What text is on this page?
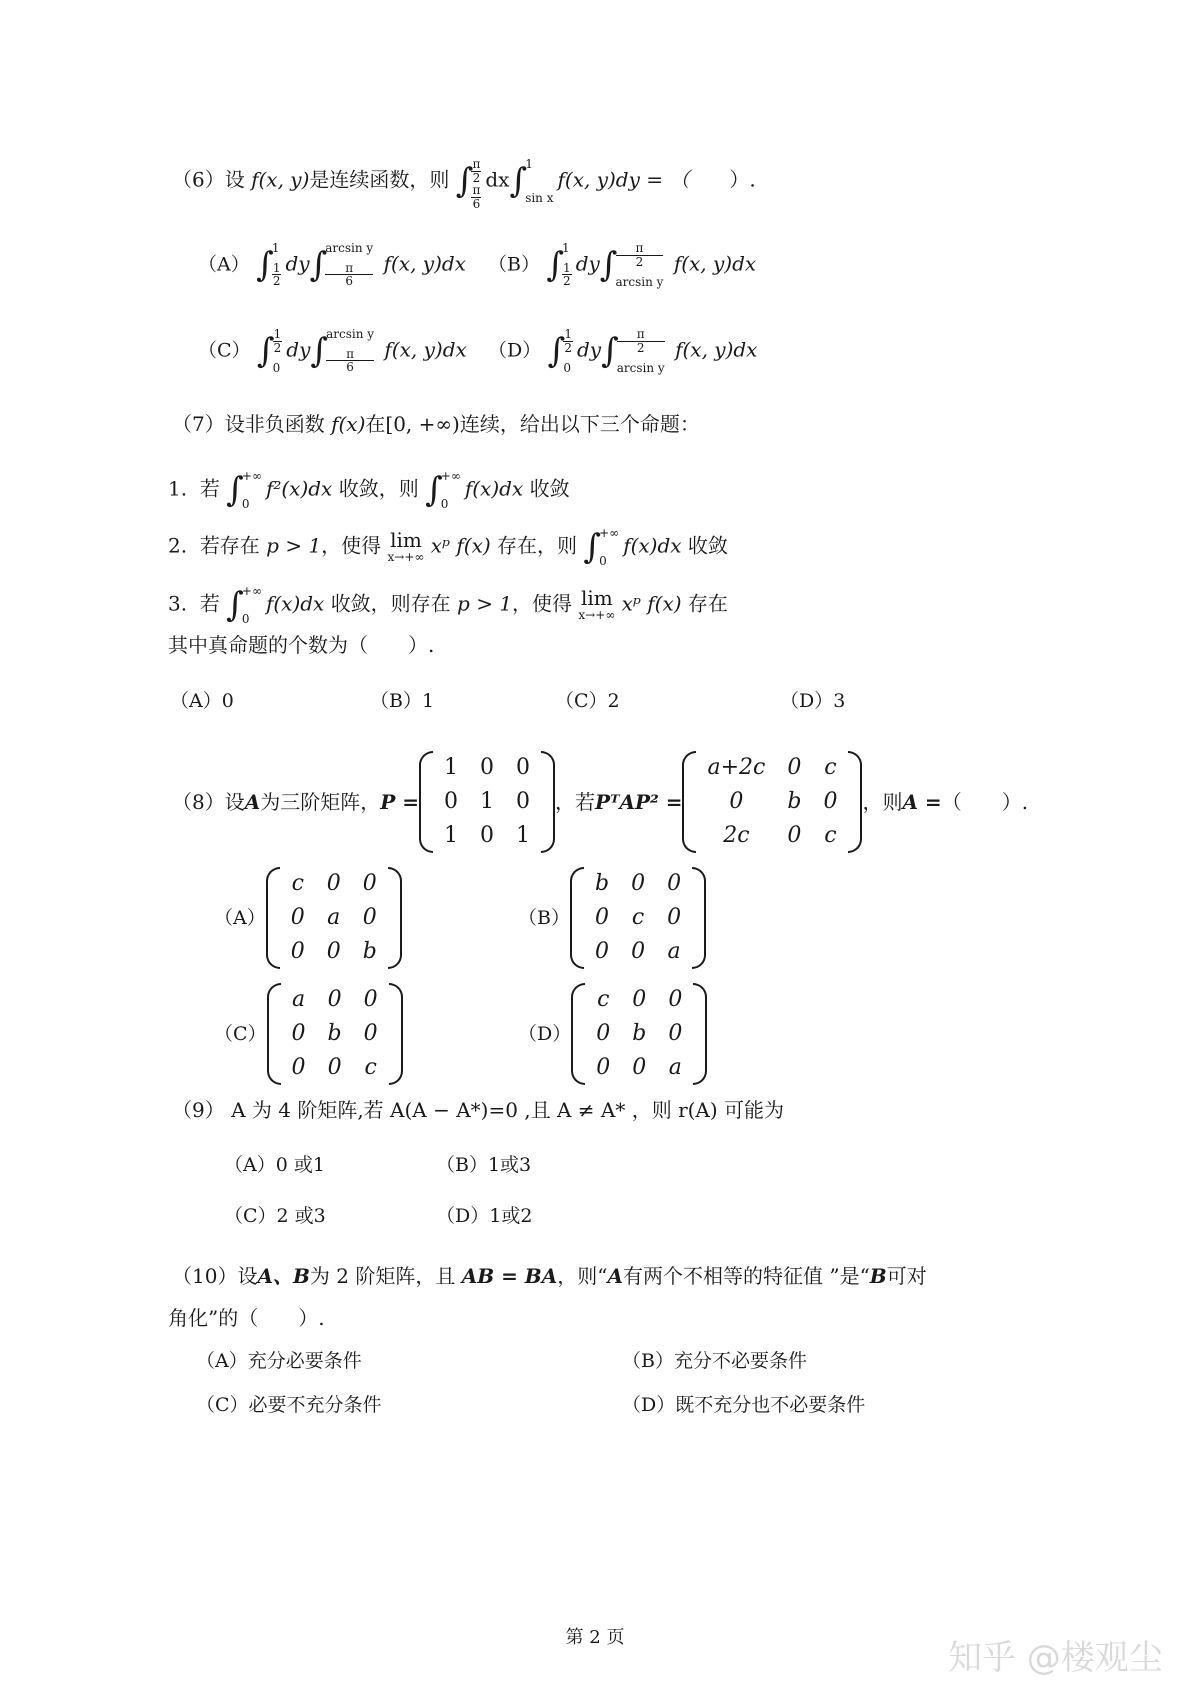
（6）设 f(x, y)是连续函数，则 ∫
$\frac{\pi}{2}$
$\frac{\pi}{6}$
dx∫
1
sin x
f(x, y)dy = （ ）.
（A） ∫
1
$\frac{1}{2} dy\int$
arcsin y
$\frac{\pi}{6} f(x$, y)dx （B） ∫
1
$\frac{1}{2} dy\int$
$\frac{\pi}{2}$
arcsin y
f(x, y)dx
（C） ∫
$\frac{1}{2}$
0
dy∫
arcsin y
$\frac{\pi}{6} f(x$, y)dx （D） ∫
$\frac{1}{2}$
0
dy∫
$\frac{\pi}{2}$
arcsin y
f(x, y)dx
（7）设非负函数 f(x)在[0, +∞)连续，给出以下三个命题：
1. 若 ∫
+∞
0
f²(x)dx 收敛，则 ∫
+∞
0
f(x)dx 收敛
2. 若存在 p > 1，使得 lim
x→+∞ xᵖ f(x) 存在，则 ∫
+∞
0
f(x)dx 收敛
3. 若 ∫
+∞
0
f(x)dx 收敛，则存在 p > 1，使得 lim
x→+∞ xᵖ f(x) 存在
其中真命题的个数为（　　）.
（A）0	（B）1	（C）2	（D）3
（8） 设 A 为三阶矩阵， P =
1	0	0
0	1	0
1	0	1
，若 PᵀAP² =
a+2c	0	c
0	b	0
2c	0	c
，则 A = （　　）.
（A）
c	0	0
0	a	0
0	0	b
（B）
b	0	0
0	c	0
0	0	a
（C）
a	0	0
0	b	0
0	0	c
（D）
c	0	0
0	b	0
0	0	a
（9） A 为 4 阶矩阵,若 A(A − A*)=0 ,且 A ≠ A* ，则 r(A) 可能为
（A）0 或1	（B）1或3
（C）2 或3	（D）1或2
（10）设A、B为 2 阶矩阵，且 AB = BA，则“A有两个不相等的特征值 ”是“B可对
角化”的（　　）.
（A）充分必要条件	（B）充分不必要条件
（C）必要不充分条件	（D）既不充分也不必要条件
第 2 页
知乎 @楼观尘
